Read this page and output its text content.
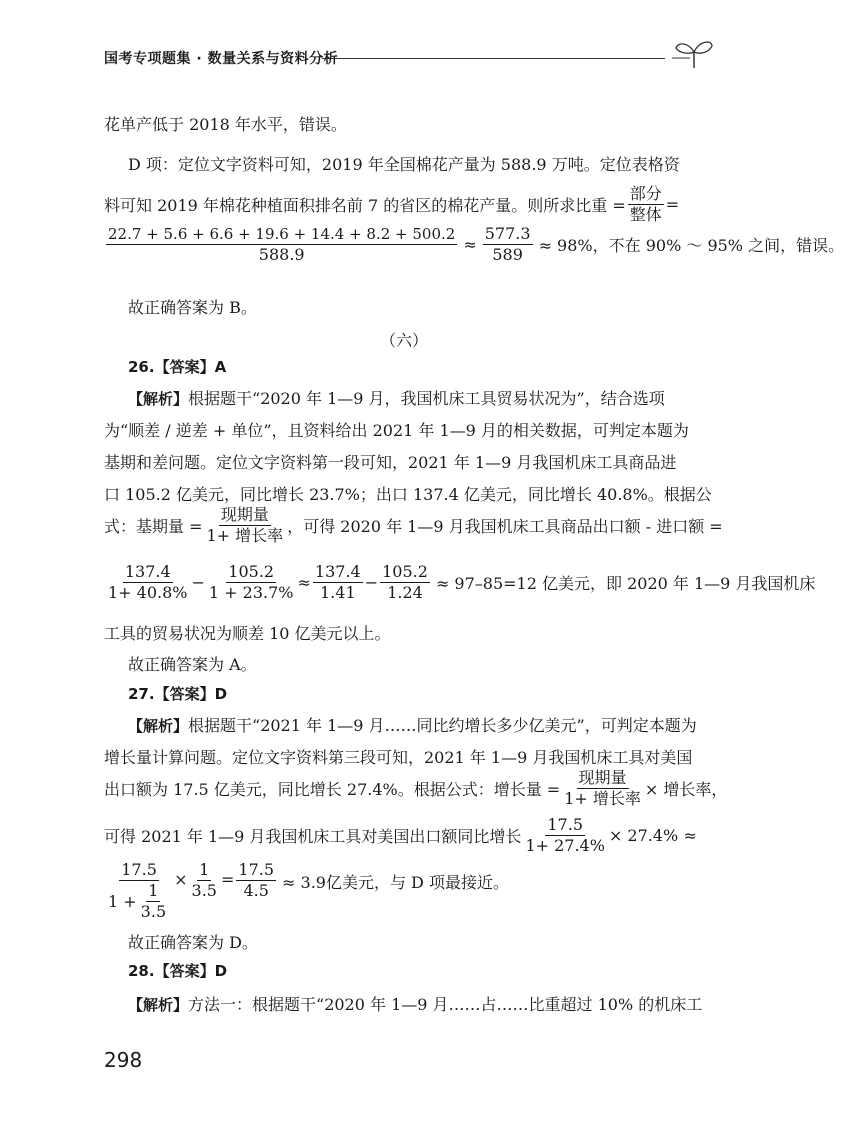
国考专项题集 · 数量关系与资料分析
花单产低于 2018 年水平，错误。
D 项：定位文字资料可知，2019 年全国棉花产量为 588.9 万吨。定位表格资
料可知 2019 年棉花种植面积排名前 7 的省区的棉花产量。则所求比重 = $\frac{\text{部分}}{\text{整体}}$ =
$\frac{22.7 + 5.6 + 6.6 + 19.6 + 14.4 + 8.2 + 500.2}{588.9} \approx \frac{577.3}{589} \approx 98\%$，不在 90% ～ 95% 之间，错误。
故正确答案为 B。
（六）
26.【答案】A
【解析】根据题干“2020 年 1—9 月，我国机床工具贸易状况为”，结合选项
为“顺差 / 逆差 + 单位”，且资料给出 2021 年 1—9 月的相关数据，可判定本题为
基期和差问题。定位文字资料第一段可知，2021 年 1—9 月我国机床工具商品进
口 105.2 亿美元，同比增长 23.7%；出口 137.4 亿美元，同比增长 40.8%。根据公
式：基期量 = $\frac{\text{现期量}}{\text{1+ 增长率}}$ ，可得 2020 年 1—9 月我国机床工具商品出口额 - 进口额 =
$\frac{137.4}{1+ 40.8\%} - \frac{105.2}{1 + 23.7\%} \approx \frac{137.4}{1.41} - \frac{105.2}{1.24} \approx 97-85=12$ 亿美元，即 2020 年 1—9 月我国机床
工具的贸易状况为顺差 10 亿美元以上。
故正确答案为 A。
27.【答案】D
【解析】根据题干“2021 年 1—9 月……同比约增长多少亿美元”，可判定本题为
增长量计算问题。定位文字资料第三段可知，2021 年 1—9 月我国机床工具对美国
出口额为 17.5 亿美元，同比增长 27.4%。根据公式：增长量 = $\frac{\text{现期量}}{\text{1+ 增长率}}$ × 增长率，
可得 2021 年 1—9 月我国机床工具对美国出口额同比增长 $\frac{17.5}{1+ 27.4\%} \times 27.4\%$ ≈
$\frac{17.5}{1 + \frac{1}{3.5}} \times \frac{1}{3.5} = \frac{17.5}{4.5} \approx 3.9$亿美元，与 D 项最接近。
故正确答案为 D。
28.【答案】D
【解析】方法一：根据题干“2020 年 1—9 月……占……比重超过 10% 的机床工
298
